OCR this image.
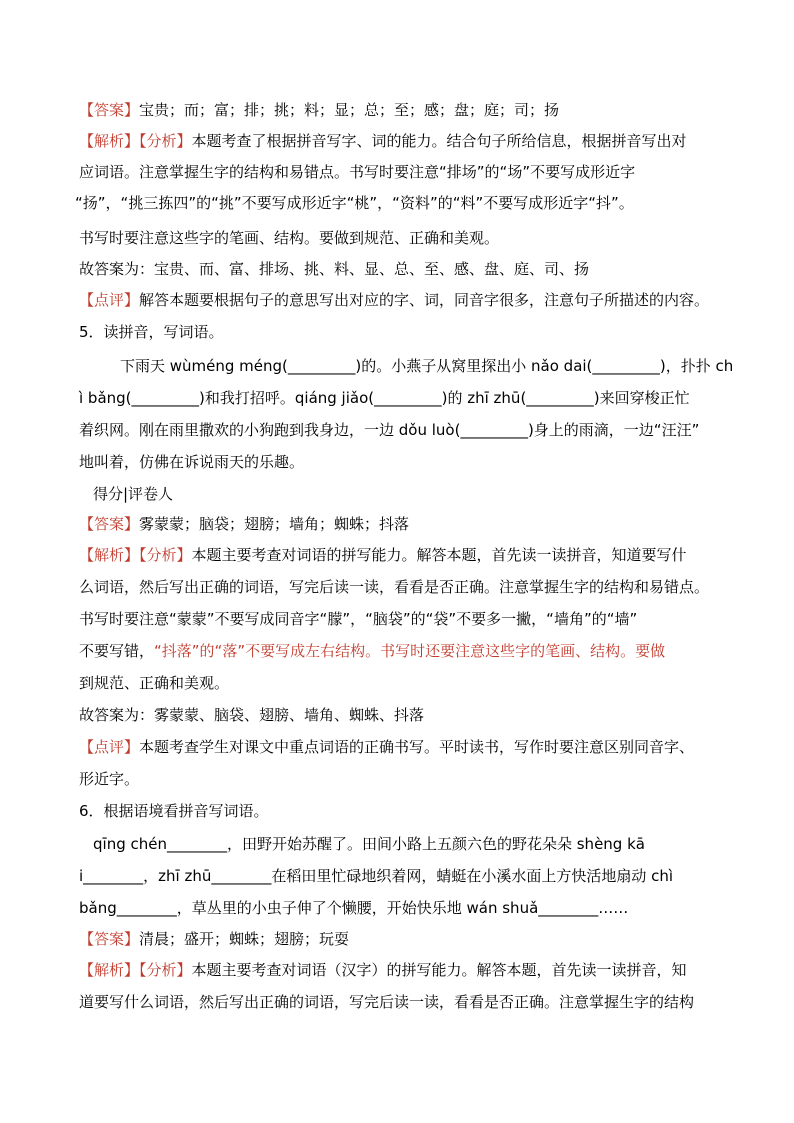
【答案】宝贵；而；富；排；挑；料；显；总；至；感；盘；庭；司；扬
【解析】【分析】本题考查了根据拼音写字、词的能力。结合句子所给信息，根据拼音写出对
应词语。注意掌握生字的结构和易错点。书写时要注意“排场”的“场”不要写成形近字
“扬”，“挑三拣四”的“挑”不要写成形近字“桃”，“资料”的“料”不要写成形近字“抖”。
书写时要注意这些字的笔画、结构。要做到规范、正确和美观。
故答案为：宝贵、而、富、排场、挑、料、显、总、至、感、盘、庭、司、扬
【点评】解答本题要根据句子的意思写出对应的字、词，同音字很多，注意句子所描述的内容。
5．读拼音，写词语。
下雨天 wùméng méng(_________)的。小燕子从窝里探出小 nǎo dai(_________)，扑扑 ch
ì bǎng(_________)和我打招呼。qiáng jiǎo(_________)的 zhī zhū(_________)来回穿梭正忙
着织网。刚在雨里撒欢的小狗跑到我身边，一边 dǒu luò(_________)身上的雨滴，一边“汪汪”
地叫着，仿佛在诉说雨天的乐趣。
得分|评卷人
【答案】雾蒙蒙；脑袋；翅膀；墙角；蜘蛛；抖落
【解析】【分析】本题主要考查对词语的拼写能力。解答本题，首先读一读拼音，知道要写什
么词语，然后写出正确的词语，写完后读一读，看看是否正确。注意掌握生字的结构和易错点。
书写时要注意“蒙蒙”不要写成同音字“朦”，“脑袋”的“袋”不要多一撇，“墙角”的“墙”
不要写错，“抖落”的“落”不要写成左右结构。书写时还要注意这些字的笔画、结构。要做
到规范、正确和美观。
故答案为：雾蒙蒙、脑袋、翅膀、墙角、蜘蛛、抖落
【点评】本题考查学生对课文中重点词语的正确书写。平时读书，写作时要注意区别同音字、
形近字。
6．根据语境看拼音写词语。
qīng chén________，田野开始苏醒了。田间小路上五颜六色的野花朵朵 shèng kā
i________，zhī zhū________在稻田里忙碌地织着网，蜻蜓在小溪水面上方快活地扇动 chì
bǎng________，草丛里的小虫子伸了个懒腰，开始快乐地 wán shuǎ________……
【答案】清晨；盛开；蜘蛛；翅膀；玩耍
【解析】【分析】本题主要考查对词语（汉字）的拼写能力。解答本题，首先读一读拼音，知
道要写什么词语，然后写出正确的词语，写完后读一读，看看是否正确。注意掌握生字的结构
